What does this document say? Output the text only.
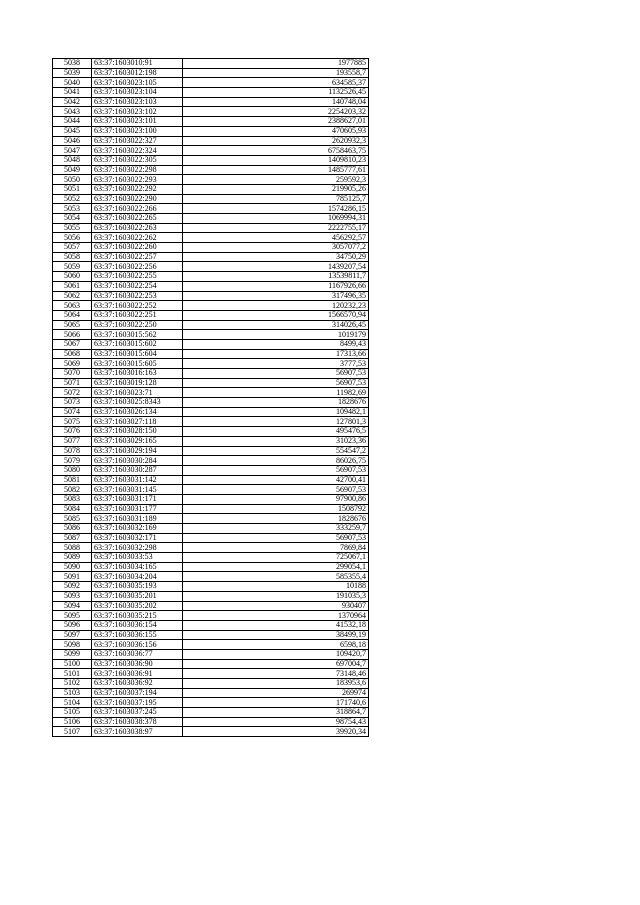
5038	63:37:1603010:91	1977885
5039	63:37:1603012:198	193558,7
5040	63:37:1603023:105	634585,37
5041	63:37:1603023:104	1132526,45
5042	63:37:1603023:103	140748,04
5043	63:37:1603023:102	2254203,32
5044	63:37:1603023:101	2388627,01
5045	63:37:1603023:100	470605,93
5046	63:37:1603022:327	2620932,3
5047	63:37:1603022:324	6758463,75
5048	63:37:1603022:305	1409810,23
5049	63:37:1603022:298	1485777,61
5050	63:37:1603022:293	259592,3
5051	63:37:1603022:292	219905,26
5052	63:37:1603022:290	785125,7
5053	63:37:1603022:266	1574286,15
5054	63:37:1603022:265	1069994,31
5055	63:37:1603022:263	2222755,17
5056	63:37:1603022:262	456292,57
5057	63:37:1603022:260	3057077,2
5058	63:37:1603022:257	34750,29
5059	63:37:1603022:256	1439207,54
5060	63:37:1603022:255	13539811,7
5061	63:37:1603022:254	1167926,66
5062	63:37:1603022:253	317496,35
5063	63:37:1603022:252	120232,23
5064	63:37:1603022:251	1566570,94
5065	63:37:1603022:250	314026,45
5066	63:37:1603015:562	1019179
5067	63:37:1603015:602	8499,43
5068	63:37:1603015:604	17313,66
5069	63:37:1603015:605	3777,53
5070	63:37:1603016:163	56907,53
5071	63:37:1603019:128	56907,53
5072	63:37:1603023:71	11982,69
5073	63:37:1603025:8343	1828676
5074	63:37:1603026:134	109482,1
5075	63:37:1603027:118	127801,3
5076	63:37:1603028:150	495476,5
5077	63:37:1603029:165	31023,36
5078	63:37:1603029:194	554547,2
5079	63:37:1603030:284	86026,75
5080	63:37:1603030:287	56907,53
5081	63:37:1603031:142	42700,41
5082	63:37:1603031:145	56907,53
5083	63:37:1603031:171	97900,86
5084	63:37:1603031:177	1508792
5085	63:37:1603031:189	1828676
5086	63:37:1603032:169	333259,7
5087	63:37:1603032:171	56907,53
5088	63:37:1603032:298	7869,84
5089	63:37:1603033:53	725067,1
5090	63:37:1603034:165	299054,1
5091	63:37:1603034:204	585355,4
5092	63:37:1603035:193	10188
5093	63:37:1603035:201	191035,3
5094	63:37:1603035:202	930407
5095	63:37:1603035:215	1370964
5096	63:37:1603036:154	41532,18
5097	63:37:1603036:155	38499,19
5098	63:37:1603036:156	6598,18
5099	63:37:1603036:77	109420,7
5100	63:37:1603036:90	697004,7
5101	63:37:1603036:91	73148,46
5102	63:37:1603036:92	183953,6
5103	63:37:1603037:194	269974
5104	63:37:1603037:195	171740,6
5105	63:37:1603037:245	318864,7
5106	63:37:1603038:378	98754,43
5107	63:37:1603038:97	39920,34
